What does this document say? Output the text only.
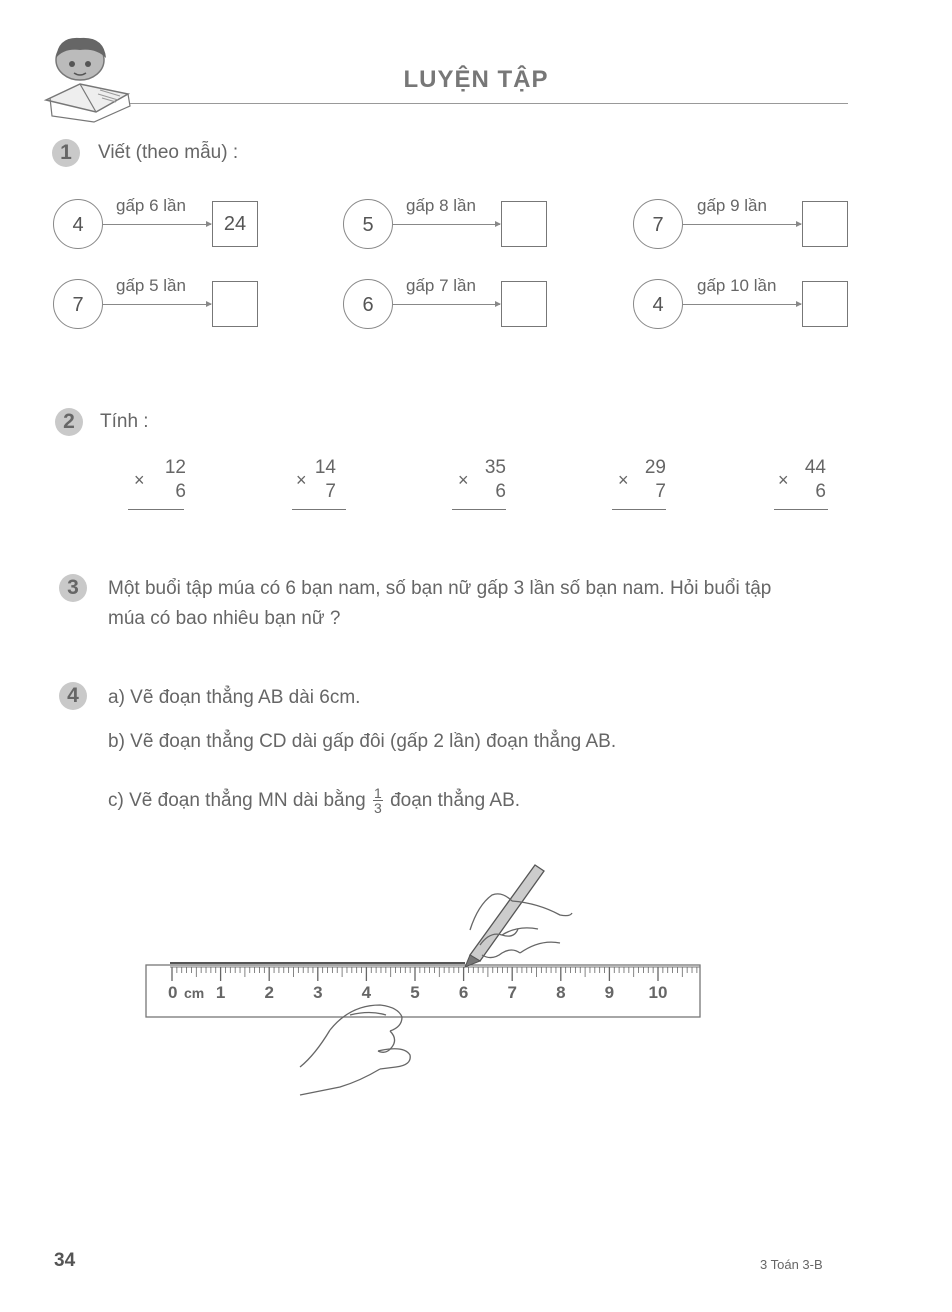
LUYỆN TẬP
1	Viết (theo mẫu) :
4
gấp 6 lần
24	5
gấp 8 lần
7
gấp 9 lần
7
gấp 5 lần
6
gấp 7 lần
4
gấp 10 lần
2	Tính :
12
×
6
14
×
7
35
×
6
29
×
7
44
×
6
3	Một buổi tập múa có 6 bạn nam, số bạn nữ gấp 3 lần số bạn nam. Hỏi buổi tập
múa có bao nhiêu bạn nữ ?
4	a) Vẽ đoạn thẳng AB dài 6cm.
b) Vẽ đoạn thẳng CD dài gấp đôi (gấp 2 lần) đoạn thẳng AB.
c) Vẽ đoạn thẳng MN dài bằng $\frac{1}{3}$ đoạn thẳng AB.
0 1 2 3 4 5 6 7 8 9 10
cm
34	3 Toán 3-B
